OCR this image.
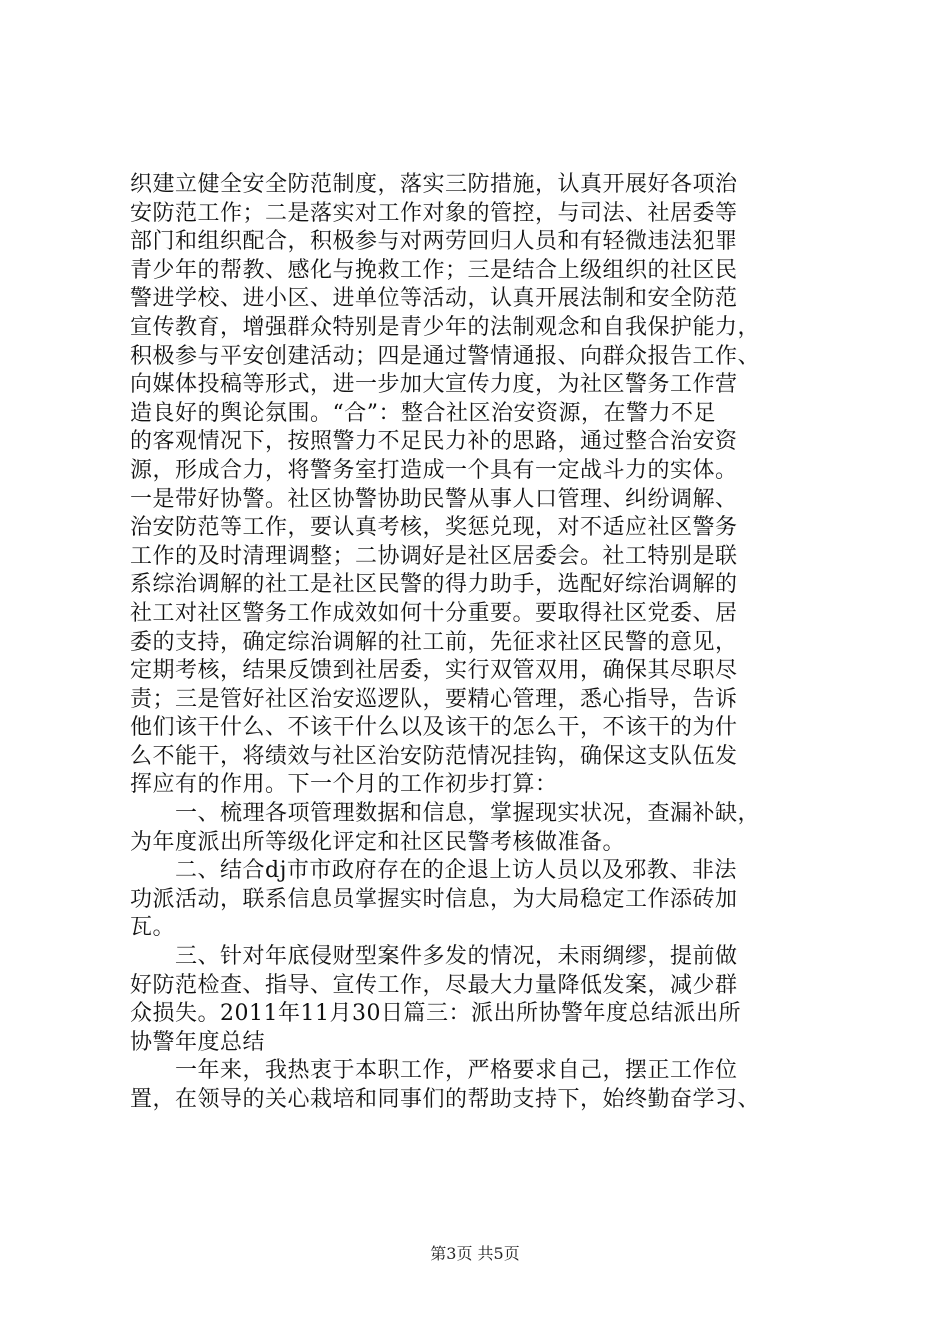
织建立健全安全防范制度，落实三防措施，认真开展好各项治
安防范工作；二是落实对工作对象的管控，与司法、社居委等
部门和组织配合，积极参与对两劳回归人员和有轻微违法犯罪
青少年的帮教、感化与挽救工作；三是结合上级组织的社区民
警进学校、进小区、进单位等活动，认真开展法制和安全防范
宣传教育，增强群众特别是青少年的法制观念和自我保护能力，
积极参与平安创建活动；四是通过警情通报、向群众报告工作、
向媒体投稿等形式，进一步加大宣传力度，为社区警务工作营
造良好的舆论氛围。“合”：整合社区治安资源，在警力不足
的客观情况下，按照警力不足民力补的思路，通过整合治安资
源，形成合力，将警务室打造成一个具有一定战斗力的实体。
一是带好协警。社区协警协助民警从事人口管理、纠纷调解、
治安防范等工作，要认真考核，奖惩兑现，对不适应社区警务
工作的及时清理调整；二协调好是社区居委会。社工特别是联
系综治调解的社工是社区民警的得力助手，选配好综治调解的
社工对社区警务工作成效如何十分重要。要取得社区党委、居
委的支持，确定综治调解的社工前，先征求社区民警的意见，
定期考核，结果反馈到社居委，实行双管双用，确保其尽职尽
责；三是管好社区治安巡逻队，要精心管理，悉心指导，告诉
他们该干什么、不该干什么以及该干的怎么干，不该干的为什
么不能干，将绩效与社区治安防范情况挂钩，确保这支队伍发
挥应有的作用。下一个月的工作初步打算：
　　一、梳理各项管理数据和信息，掌握现实状况，查漏补缺，
为年度派出所等级化评定和社区民警考核做准备。
　　二、结合dj市市政府存在的企退上访人员以及邪教、非法
功派活动，联系信息员掌握实时信息，为大局稳定工作添砖加
瓦。
　　三、针对年底侵财型案件多发的情况，未雨绸缪，提前做
好防范检查、指导、宣传工作，尽最大力量降低发案，减少群
众损失。2011年11月30日篇三：派出所协警年度总结派出所
协警年度总结
　　一年来，我热衷于本职工作，严格要求自己，摆正工作位
置，在领导的关心栽培和同事们的帮助支持下，始终勤奋学习、
第3页 共5页
